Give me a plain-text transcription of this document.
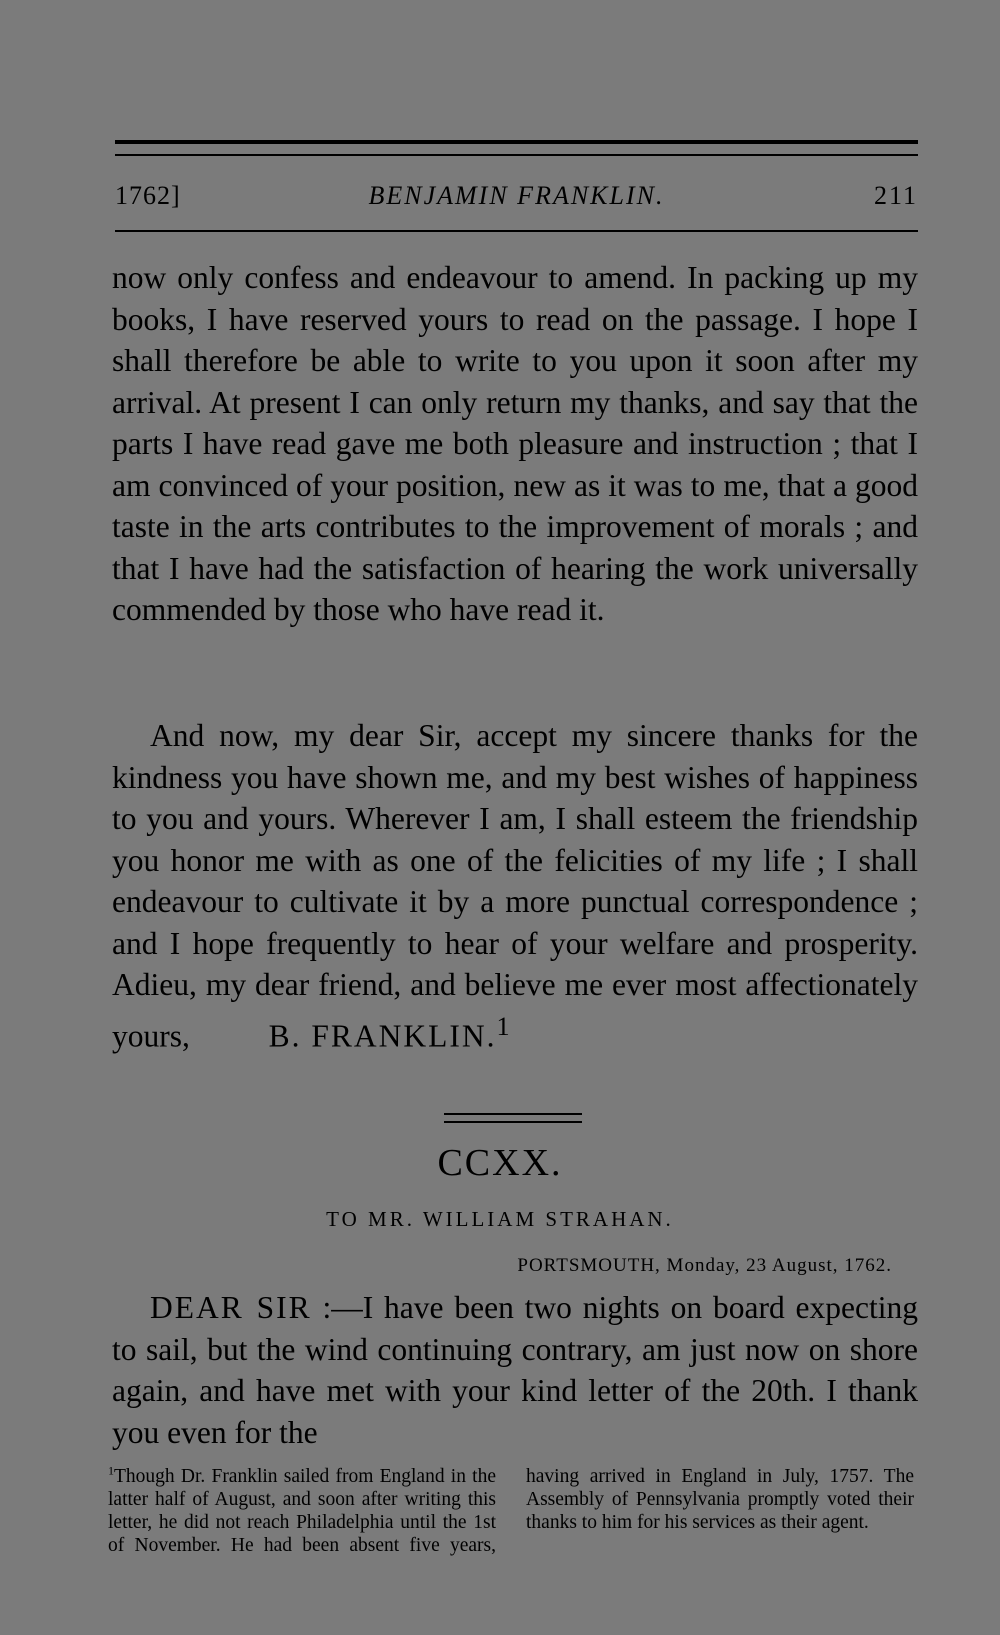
1762]	BENJAMIN FRANKLIN.	211
now only confess and endeavour to amend. In packing up my books, I have reserved yours to read on the passage. I hope I shall therefore be able to write to you upon it soon after my arrival. At present I can only return my thanks, and say that the parts I have read gave me both pleasure and instruction ; that I am convinced of your position, new as it was to me, that a good taste in the arts contributes to the improvement of morals ; and that I have had the satisfaction of hearing the work universally commended by those who have read it.
And now, my dear Sir, accept my sincere thanks for the kindness you have shown me, and my best wishes of happiness to you and yours. Wherever I am, I shall esteem the friendship you honor me with as one of the felicities of my life ; I shall endeavour to cultivate it by a more punctual correspondence ; and I hope frequently to hear of your welfare and prosperity. Adieu, my dear friend, and believe me ever most affectionately yours,   	B. FRANKLIN.$^1$
CCXX.
TO MR. WILLIAM STRAHAN.
PORTSMOUTH, Monday, 23 August, 1762.
DEAR SIR :—I have been two nights on board expecting to sail, but the wind continuing contrary, am just now on shore again, and have met with your kind letter of the 20th. I thank you even for the
$^1$Though Dr. Franklin sailed from England in the latter half of August, and soon after writing this letter, he did not reach Philadelphia until the 1st of November. He had been absent five years, having arrived in England in July, 1757. The Assembly of Pennsylvania promptly voted their thanks to him for his services as their agent.
